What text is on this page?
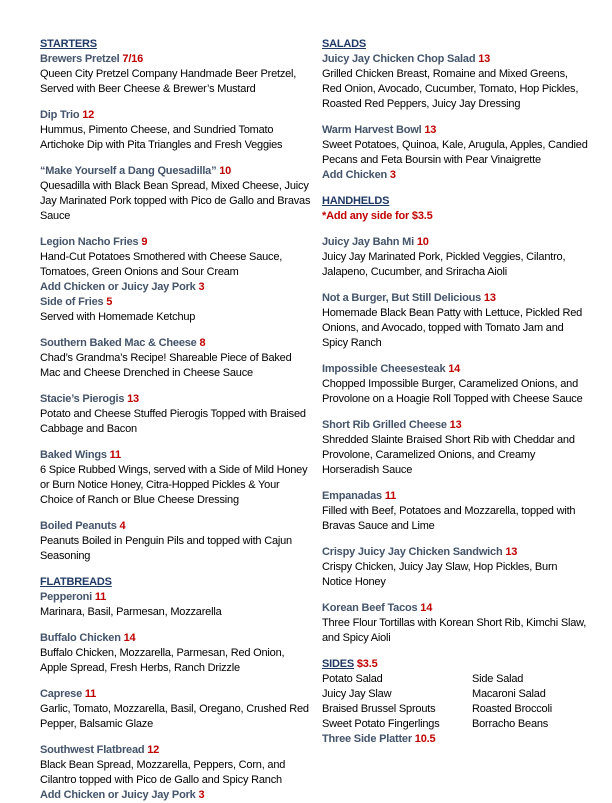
STARTERS
Brewers Pretzel 7/16
Queen City Pretzel Company Handmade Beer Pretzel, Served with Beer Cheese & Brewer’s Mustard
Dip Trio 12
Hummus, Pimento Cheese, and Sundried Tomato Artichoke Dip with Pita Triangles and Fresh Veggies
“Make Yourself a Dang Quesadilla” 10
Quesadilla with Black Bean Spread, Mixed Cheese, Juicy Jay Marinated Pork topped with Pico de Gallo and Bravas Sauce
Legion Nacho Fries 9
Hand-Cut Potatoes Smothered with Cheese Sauce, Tomatoes, Green Onions and Sour Cream
Add Chicken or Juicy Jay Pork 3
Side of Fries 5
Served with Homemade Ketchup
Southern Baked Mac & Cheese 8
Chad’s Grandma’s Recipe! Shareable Piece of Baked Mac and Cheese Drenched in Cheese Sauce
Stacie’s Pierogis 13
Potato and Cheese Stuffed Pierogis Topped with Braised Cabbage and Bacon
Baked Wings 11
6 Spice Rubbed Wings, served with a Side of Mild Honey or Burn Notice Honey, Citra-Hopped Pickles & Your Choice of Ranch or Blue Cheese Dressing
Boiled Peanuts 4
Peanuts Boiled in Penguin Pils and topped with Cajun Seasoning
FLATBREADS
Pepperoni 11
Marinara, Basil, Parmesan, Mozzarella
Buffalo Chicken 14
Buffalo Chicken, Mozzarella, Parmesan, Red Onion, Apple Spread, Fresh Herbs, Ranch Drizzle
Caprese 11
Garlic, Tomato, Mozzarella, Basil, Oregano, Crushed Red Pepper, Balsamic Glaze
Southwest Flatbread 12
Black Bean Spread, Mozzarella, Peppers, Corn, and Cilantro topped with Pico de Gallo and Spicy Ranch
Add Chicken or Juicy Jay Pork 3
SALADS
Juicy Jay Chicken Chop Salad 13
Grilled Chicken Breast, Romaine and Mixed Greens, Red Onion, Avocado, Cucumber, Tomato, Hop Pickles, Roasted Red Peppers, Juicy Jay Dressing
Warm Harvest Bowl 13
Sweet Potatoes, Quinoa, Kale, Arugula, Apples, Candied Pecans and Feta Boursin with Pear Vinaigrette
Add Chicken 3
HANDHELDS
*Add any side for $3.5
Juicy Jay Bahn Mi 10
Juicy Jay Marinated Pork, Pickled Veggies, Cilantro, Jalapeno, Cucumber, and Sriracha Aioli
Not a Burger, But Still Delicious 13
Homemade Black Bean Patty with Lettuce, Pickled Red Onions, and Avocado, topped with Tomato Jam and Spicy Ranch
Impossible Cheesesteak 14
Chopped Impossible Burger, Caramelized Onions, and Provolone on a Hoagie Roll Topped with Cheese Sauce
Short Rib Grilled Cheese 13
Shredded Slainte Braised Short Rib with Cheddar and Provolone, Caramelized Onions, and Creamy Horseradish Sauce
Empanadas 11
Filled with Beef, Potatoes and Mozzarella, topped with Bravas Sauce and Lime
Crispy Juicy Jay Chicken Sandwich 13
Crispy Chicken, Juicy Jay Slaw, Hop Pickles, Burn Notice Honey
Korean Beef Tacos 14
Three Flour Tortillas with Korean Short Rib, Kimchi Slaw, and Spicy Aioli
SIDES $3.5
Potato Salad
Juicy Jay Slaw
Braised Brussel Sprouts
Sweet Potato Fingerlings
Side Salad
Macaroni Salad
Roasted Broccoli
Borracho Beans
Three Side Platter 10.5
